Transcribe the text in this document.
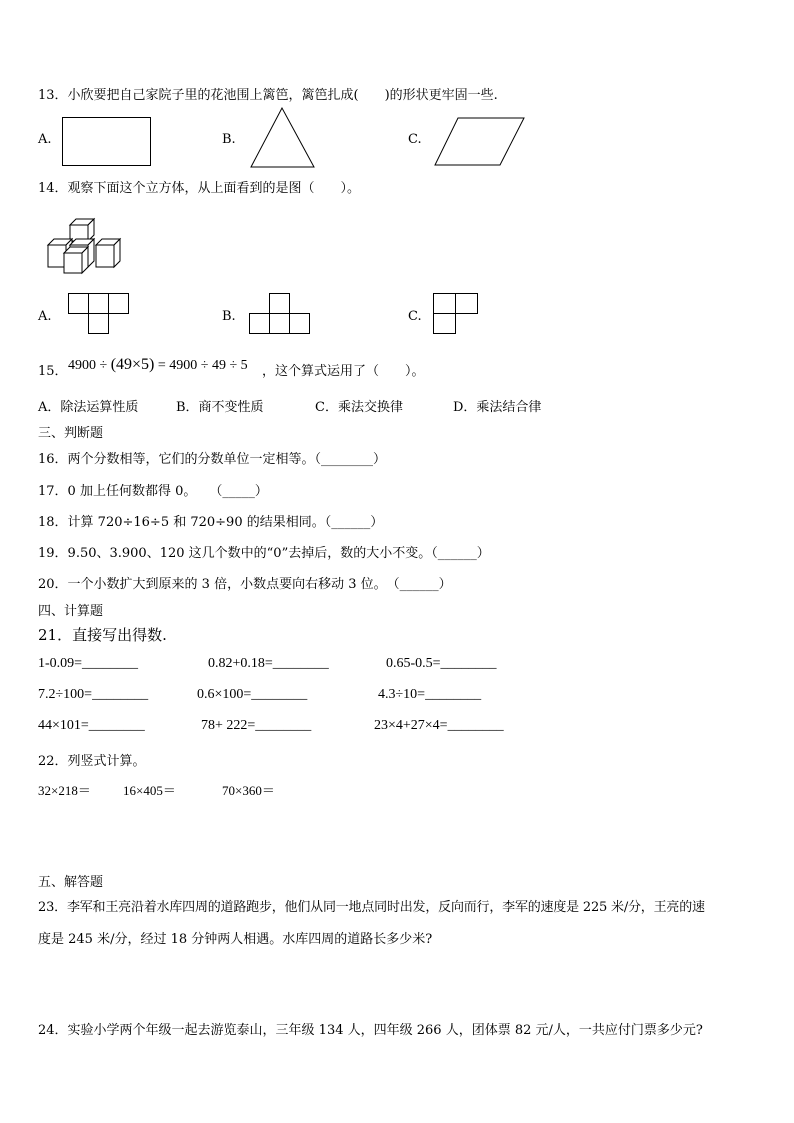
13．小欣要把自己家院子里的花池围上篱笆，篱笆扎成(　　)的形状更牢固一些.
A.	B.	C.
14．观察下面这个立方体，从上面看到的是图（　　）。
A.	B.	C.
15． 4900 ÷ (49×5) = 4900 ÷ 49 ÷ 5 ，这个算式运用了（　　）。
A．除法运算性质	B．商不变性质	C．乘法交换律	D．乘法结合律
三、判断题
16．两个分数相等，它们的分数单位一定相等。（________）
17．0 加上任何数都得 0。　　（_____）
18．计算 720÷16÷5 和 720÷90 的结果相同。（______）
19．9.50、3.900、120 这几个数中的“0”去掉后，数的大小不变。（______）
20．一个小数扩大到原来的 3 倍，小数点要向右移动 3 位。　（______）
四、计算题
21．直接写出得数.
1-0.09=________	0.82+0.18=________	0.65-0.5=________
7.2÷100=________	0.6×100=________	4.3÷10=________
44×101=________	78+ 222=________	23×4+27×4=________
22．列竖式计算。
32×218＝ 16×405＝	70×360＝
五、解答题
23．李军和王亮沿着水库四周的道路跑步，他们从同一地点同时出发，反向而行，李军的速度是 225 米/分，王亮的速
度是 245 米/分，经过 18 分钟两人相遇。水库四周的道路长多少米?
24．实验小学两个年级一起去游览泰山，三年级 134 人，四年级 266 人，团体票 82 元/人，一共应付门票多少元?
